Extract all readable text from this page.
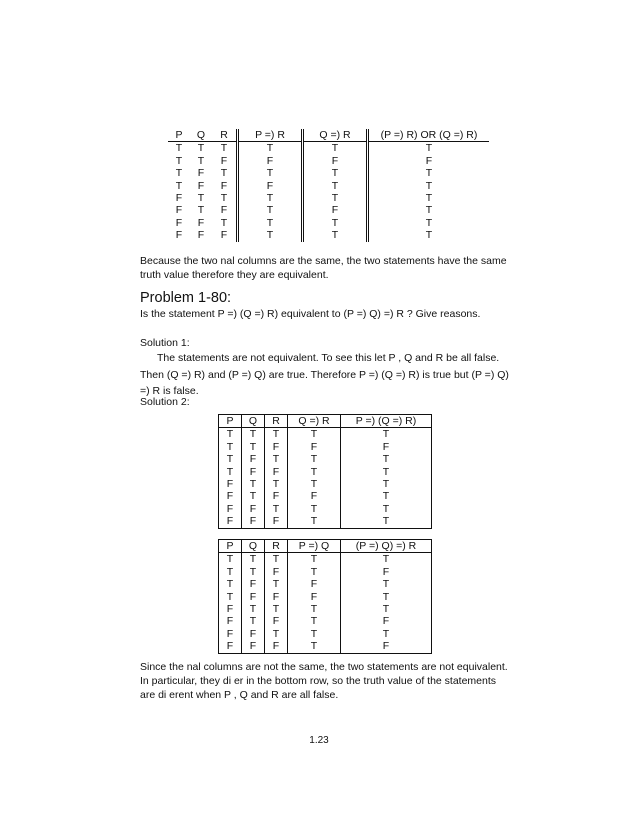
P	Q	R	P =) R	Q =) R	(P =) R) OR (Q =) R)
T	T	T	T	T	T
T	T	F	F	F	F
T	F	T	T	T	T
T	F	F	F	T	T
F	T	T	T	T	T
F	T	F	T	F	T
F	F	T	T	T	T
F	F	F	T	T	T

Because the two nal columns are the same, the two statements have the same truth value therefore they are equivalent.

Problem 1-80:

Is the statement P =) (Q =) R) equivalent to (P =) Q) =) R ? Give reasons.

Solution 1:

The statements are not equivalent. To see this let P , Q and R be all false. Then (Q =) R) and (P =) Q) are true. Therefore P =) (Q =) R) is true but (P =) Q) =) R is false.

Solution 2:

P	Q	R	Q =) R	P =) (Q =) R)
T	T	T	T	T
T	T	F	F	F
T	F	T	T	T
T	F	F	T	T
F	T	T	T	T
F	T	F	F	T
F	F	T	T	T
F	F	F	T	T
P	Q	R	P =) Q	(P =) Q) =) R
T	T	T	T	T
T	T	F	T	F
T	F	T	F	T
T	F	F	F	T
F	T	T	T	T
F	T	F	T	F
F	F	T	T	T
F	F	F	T	F

Since the nal columns are not the same, the two statements are not equivalent. In particular, they di er in the bottom row, so the truth value of the statements are di erent when P , Q and R are all false.

1.23
